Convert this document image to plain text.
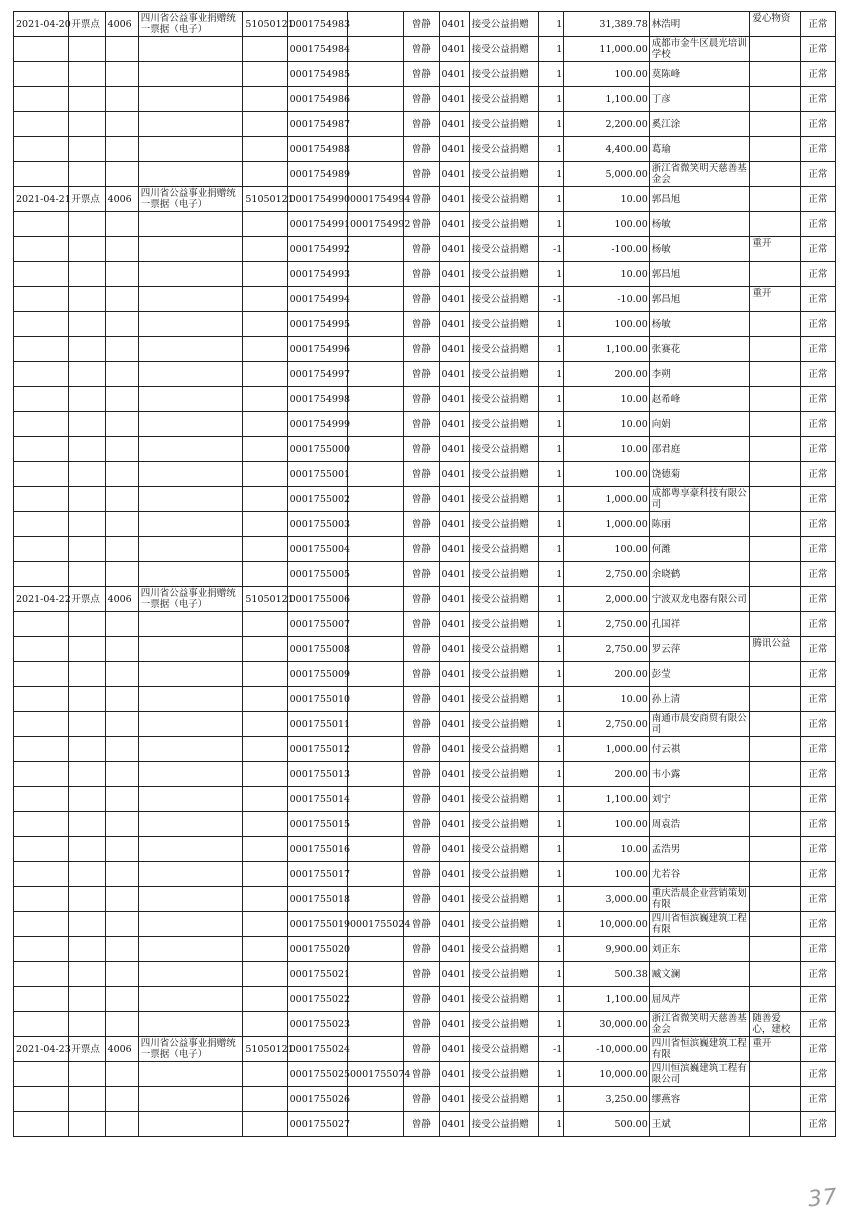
2021-04-20	开票点	4006	四川省公益事业捐赠统一票据（电子）	51050121	0001754983		曾静	0401	接受公益捐赠	1	31,389.78	林浩明	爱心物资	正常
					0001754984		曾静	0401	接受公益捐赠	1	11,000.00	成都市金牛区晨光培训学校		正常
					0001754985		曾静	0401	接受公益捐赠	1	100.00	莫陈峰		正常
					0001754986		曾静	0401	接受公益捐赠	1	1,100.00	丁彦		正常
					0001754987		曾静	0401	接受公益捐赠	1	2,200.00	奚江涂		正常
					0001754988		曾静	0401	接受公益捐赠	1	4,400.00	葛瑜		正常
					0001754989		曾静	0401	接受公益捐赠	1	5,000.00	浙江省微笑明天慈善基金会		正常
2021-04-21	开票点	4006	四川省公益事业捐赠统一票据（电子）	51050121	0001754990	0001754994	曾静	0401	接受公益捐赠	1	10.00	郭昌旭		正常
					0001754991	0001754992	曾静	0401	接受公益捐赠	1	100.00	杨敏		正常
					0001754992		曾静	0401	接受公益捐赠	-1	-100.00	杨敏	重开	正常
					0001754993		曾静	0401	接受公益捐赠	1	10.00	郭昌旭		正常
					0001754994		曾静	0401	接受公益捐赠	-1	-10.00	郭昌旭	重开	正常
					0001754995		曾静	0401	接受公益捐赠	1	100.00	杨敏		正常
					0001754996		曾静	0401	接受公益捐赠	1	1,100.00	张赛花		正常
					0001754997		曾静	0401	接受公益捐赠	1	200.00	李朔		正常
					0001754998		曾静	0401	接受公益捐赠	1	10.00	赵希峰		正常
					0001754999		曾静	0401	接受公益捐赠	1	10.00	向娟		正常
					0001755000		曾静	0401	接受公益捐赠	1	10.00	邵君庭		正常
					0001755001		曾静	0401	接受公益捐赠	1	100.00	饶德菊		正常
					0001755002		曾静	0401	接受公益捐赠	1	1,000.00	成都粤享豪科技有限公司		正常
					0001755003		曾静	0401	接受公益捐赠	1	1,000.00	陈丽		正常
					0001755004		曾静	0401	接受公益捐赠	1	100.00	何潍		正常
					0001755005		曾静	0401	接受公益捐赠	1	2,750.00	余晓鹤		正常
2021-04-22	开票点	4006	四川省公益事业捐赠统一票据（电子）	51050121	0001755006		曾静	0401	接受公益捐赠	1	2,000.00	宁波双龙电器有限公司		正常
					0001755007		曾静	0401	接受公益捐赠	1	2,750.00	孔国祥		正常
					0001755008		曾静	0401	接受公益捐赠	1	2,750.00	罗云萍	腾讯公益	正常
					0001755009		曾静	0401	接受公益捐赠	1	200.00	彭莹		正常
					0001755010		曾静	0401	接受公益捐赠	1	10.00	孙上清		正常
					0001755011		曾静	0401	接受公益捐赠	1	2,750.00	南通市晨安商贸有限公司		正常
					0001755012		曾静	0401	接受公益捐赠	1	1,000.00	付云祺		正常
					0001755013		曾静	0401	接受公益捐赠	1	200.00	韦小露		正常
					0001755014		曾静	0401	接受公益捐赠	1	1,100.00	刘宁		正常
					0001755015		曾静	0401	接受公益捐赠	1	100.00	周袁浩		正常
					0001755016		曾静	0401	接受公益捐赠	1	10.00	孟浩男		正常
					0001755017		曾静	0401	接受公益捐赠	1	100.00	尤若谷		正常
					0001755018		曾静	0401	接受公益捐赠	1	3,000.00	重庆浩晨企业营销策划有限		正常
					0001755019	0001755024	曾静	0401	接受公益捐赠	1	10,000.00	四川省恒滨巍建筑工程有限		正常
					0001755020		曾静	0401	接受公益捐赠	1	9,900.00	刘正东		正常
					0001755021		曾静	0401	接受公益捐赠	1	500.38	臧文澜		正常
					0001755022		曾静	0401	接受公益捐赠	1	1,100.00	屈凤芹		正常
					0001755023		曾静	0401	接受公益捐赠	1	30,000.00	浙江省微笑明天慈善基金会	随善爱心，建校	正常
2021-04-23	开票点	4006	四川省公益事业捐赠统一票据（电子）	51050121	0001755024		曾静	0401	接受公益捐赠	-1	-10,000.00	四川省恒滨巍建筑工程有限	重开	正常
					0001755025	0001755074	曾静	0401	接受公益捐赠	1	10,000.00	四川恒滨巍建筑工程有限公司		正常
					0001755026		曾静	0401	接受公益捐赠	1	3,250.00	缪燕容		正常
					0001755027		曾静	0401	接受公益捐赠	1	500.00	王斌		正常
37
